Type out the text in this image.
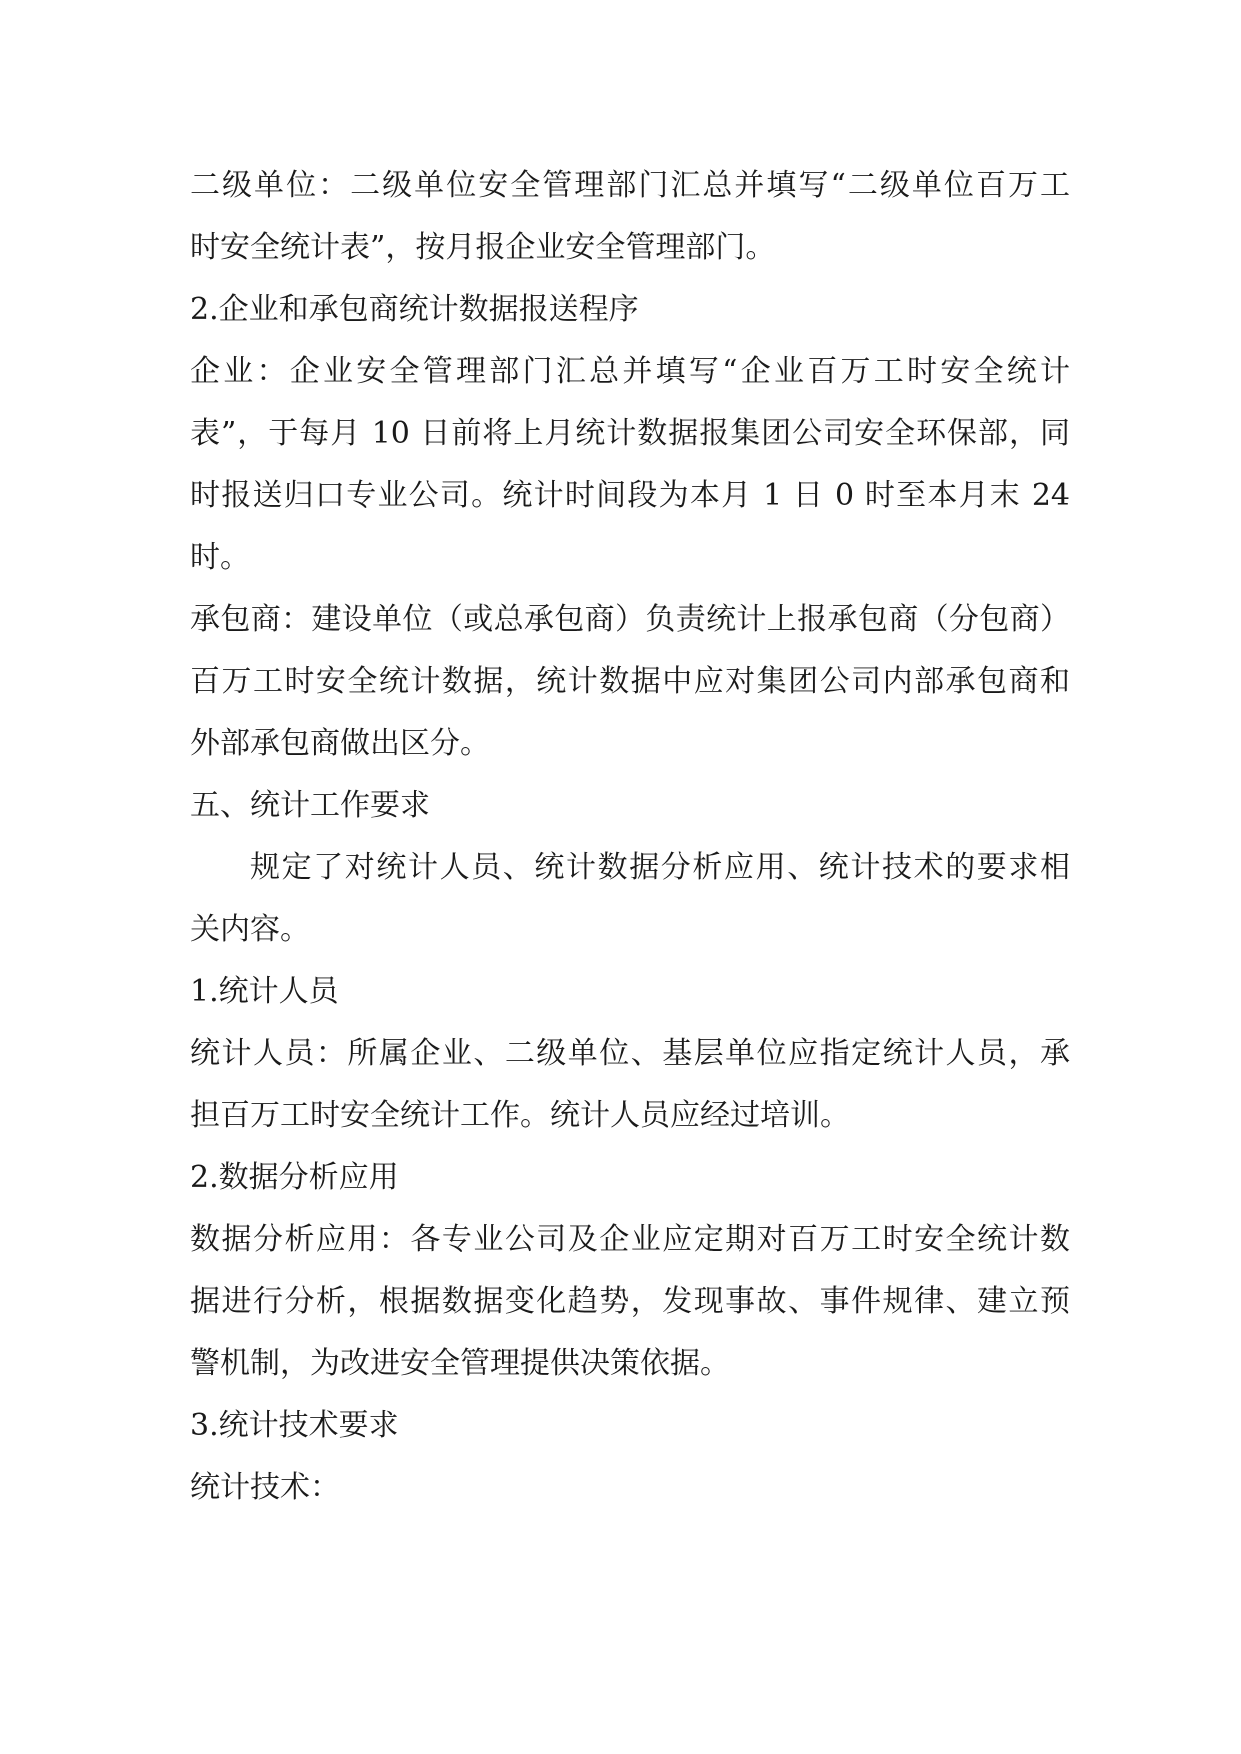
二级单位：二级单位安全管理部门汇总并填写“二级单位百万工
时安全统计表”，按月报企业安全管理部门。

2.企业和承包商统计数据报送程序

企业：企业安全管理部门汇总并填写“企业百万工时安全统计
表”，于每月 10 日前将上月统计数据报集团公司安全环保部，同
时报送归口专业公司。统计时间段为本月 1 日 0 时至本月末 24
时。

承包商：建设单位（或总承包商）负责统计上报承包商（分包商）
百万工时安全统计数据，统计数据中应对集团公司内部承包商和
外部承包商做出区分。

五、统计工作要求

规定了对统计人员、统计数据分析应用、统计技术的要求相
关内容。

1.统计人员

统计人员：所属企业、二级单位、基层单位应指定统计人员，承
担百万工时安全统计工作。统计人员应经过培训。

2.数据分析应用

数据分析应用：各专业公司及企业应定期对百万工时安全统计数
据进行分析，根据数据变化趋势，发现事故、事件规律、建立预
警机制，为改进安全管理提供决策依据。

3.统计技术要求

统计技术：
